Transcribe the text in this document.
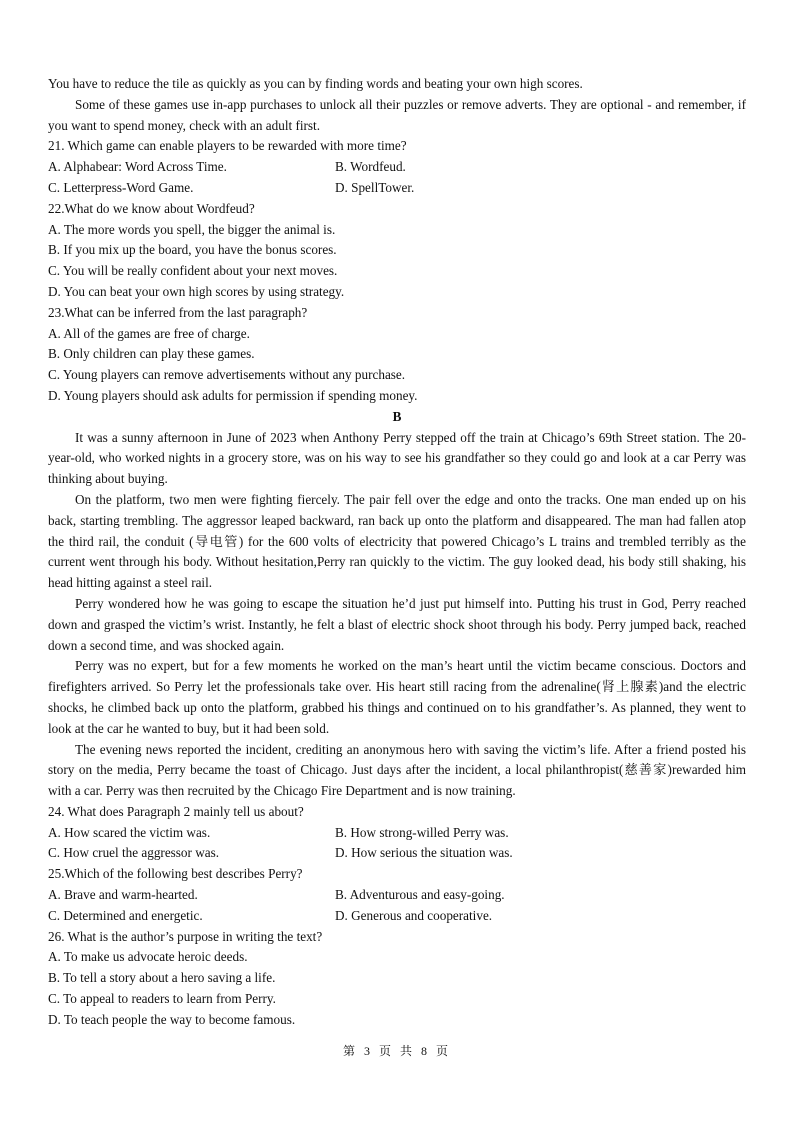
You have to reduce the tile as quickly as you can by finding words and beating your own high scores.

Some of these games use in-app purchases to unlock all their puzzles or remove adverts. They are optional - and remember, if you want to spend money, check with an adult first.

21. Which game can enable players to be rewarded with more time?
A. Alphabear: Word Across Time.	B. Wordfeud.
C. Letterpress-Word Game.	D. SpellTower.
22.What do we know about Wordfeud?
A. The more words you spell, the bigger the animal is.
B. If you mix up the board, you have the bonus scores.
C. You will be really confident about your next moves.
D. You can beat your own high scores by using strategy.
23.What can be inferred from the last paragraph?
A. All of the games are free of charge.
B. Only children can play these games.
C. Young players can remove advertisements without any purchase.
D. Young players should ask adults for permission if spending money.
B

It was a sunny afternoon in June of 2023 when Anthony Perry stepped off the train at Chicago’s 69th Street station. The 20-year-old, who worked nights in a grocery store, was on his way to see his grandfather so they could go and look at a car Perry was thinking about buying.

On the platform, two men were fighting fiercely. The pair fell over the edge and onto the tracks. One man ended up on his back, starting trembling. The aggressor leaped backward, ran back up onto the platform and disappeared. The man had fallen atop the third rail, the conduit (导电管) for the 600 volts of electricity that powered Chicago’s L trains and trembled terribly as the current went through his body. Without hesitation,Perry ran quickly to the victim. The guy looked dead, his body still shaking, his head hitting against a steel rail.

Perry wondered how he was going to escape the situation he’d just put himself into. Putting his trust in God, Perry reached down and grasped the victim’s wrist. Instantly, he felt a blast of electric shock shoot through his body. Perry jumped back, reached down a second time, and was shocked again.

Perry was no expert, but for a few moments he worked on the man’s heart until the victim became conscious. Doctors and firefighters arrived. So Perry let the professionals take over. His heart still racing from the adrenaline(肾上腺素)and the electric shocks, he climbed back up onto the platform, grabbed his things and continued on to his grandfather’s. As planned, they went to look at the car he wanted to buy, but it had been sold.

The evening news reported the incident, crediting an anonymous hero with saving the victim’s life. After a friend posted his story on the media, Perry became the toast of Chicago. Just days after the incident, a local philanthropist(慈善家)rewarded him with a car. Perry was then recruited by the Chicago Fire Department and is now training.

24. What does Paragraph 2 mainly tell us about?
A. How scared the victim was.	B. How strong-willed Perry was.
C. How cruel the aggressor was.	D. How serious the situation was.
25.Which of the following best describes Perry?
A. Brave and warm-hearted.	B. Adventurous and easy-going.
C. Determined and energetic.	D. Generous and cooperative.
26. What is the author’s purpose in writing the text?
A. To make us advocate heroic deeds.
B. To tell a story about a hero saving a life.
C. To appeal to readers to learn from Perry.
D. To teach people the way to become famous.
第 3 页 共 8 页
